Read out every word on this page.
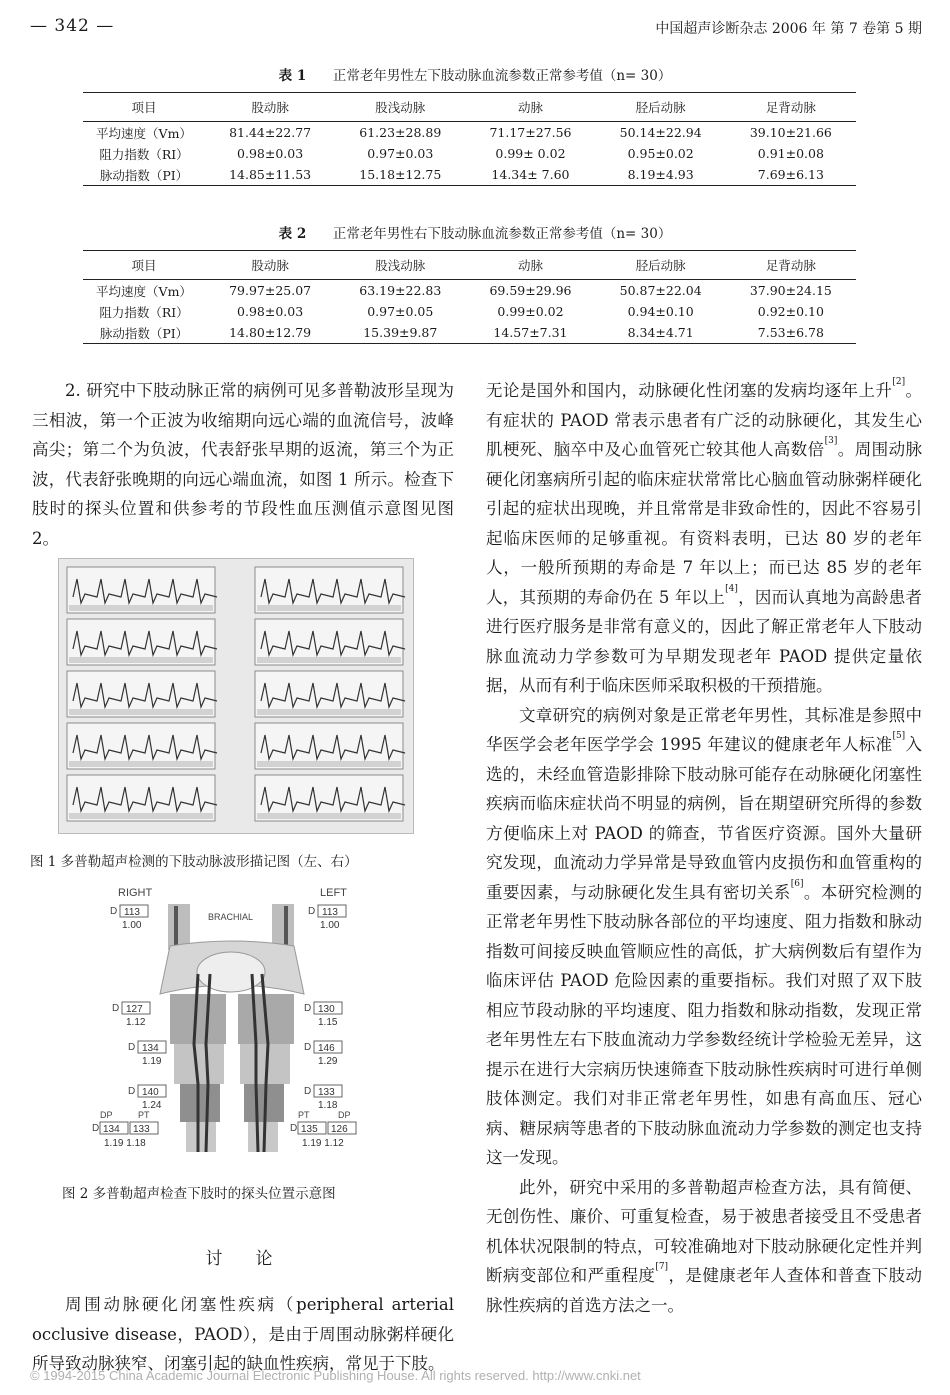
— 342 —	中国超声诊断杂志 2006 年 第 7 卷第 5 期
表 1 正常老年男性左下肢动脉血流参数正常参考值（n= 30）
项目	股动脉	股浅动脉	动脉	胫后动脉	足背动脉
平均速度（Vm）	81.44±22.77	61.23±28.89	71.17±27.56	50.14±22.94	39.10±21.66
阻力指数（RI）	0.98±0.03	0.97±0.03	0.99± 0.02	0.95±0.02	0.91±0.08
脉动指数（PI）	14.85±11.53	15.18±12.75	14.34± 7.60	8.19±4.93	7.69±6.13
表 2 正常老年男性右下肢动脉血流参数正常参考值（n= 30）
项目	股动脉	股浅动脉	动脉	胫后动脉	足背动脉
平均速度（Vm）	79.97±25.07	63.19±22.83	69.59±29.96	50.87±22.04	37.90±24.15
阻力指数（RI）	0.98±0.03	0.97±0.05	0.99±0.02	0.94±0.10	0.92±0.10
脉动指数（PI）	14.80±12.79	15.39±9.87	14.57±7.31	8.34±4.71	7.53±6.78

2. 研究中下肢动脉正常的病例可见多普勒波形呈现为三相波，第一个正波为收缩期向远心端的血流信号，波峰高尖；第二个为负波，代表舒张早期的返流，第三个为正波，代表舒张晚期的向远心端血流，如图 1 所示。检查下肢时的探头位置和供参考的节段性血压测值示意图见图 2。

图 1 多普勒超声检测的下肢动脉波形描记图（左、右）
RIGHT	LEFT
BRACHIAL
D 113
1.00
D 113
1.00
D 127
1.12
D 130
1.15
D 134
1.19
D 146
1.29
D 140
1.24
D 133
1.18
DP	PT
D 134 133
1.19 1.18
PT	DP
D 135 126
1.19 1.12
图 2 多普勒超声检查下肢时的探头位置示意图
讨　论

周围动脉硬化闭塞性疾病（peripheral arterial occlusive disease，PAOD），是由于周围动脉粥样硬化所导致动脉狭窄、闭塞引起的缺血性疾病，常见于下肢。

无论是国外和国内，动脉硬化性闭塞的发病均逐年上升[2]。有症状的 PAOD 常表示患者有广泛的动脉硬化，其发生心肌梗死、脑卒中及心血管死亡较其他人高数倍[3]。周围动脉硬化闭塞病所引起的临床症状常常比心脑血管动脉粥样硬化引起的症状出现晚，并且常常是非致命性的，因此不容易引起临床医师的足够重视。有资料表明，已达 80 岁的老年人，一般所预期的寿命是 7 年以上；而已达 85 岁的老年人，其预期的寿命仍在 5 年以上[4]，因而认真地为高龄患者进行医疗服务是非常有意义的，因此了解正常老年人下肢动脉血流动力学参数可为早期发现老年 PAOD 提供定量依据，从而有利于临床医师采取积极的干预措施。

文章研究的病例对象是正常老年男性，其标准是参照中华医学会老年医学学会 1995 年建议的健康老年人标准[5]入选的，未经血管造影排除下肢动脉可能存在动脉硬化闭塞性疾病而临床症状尚不明显的病例，旨在期望研究所得的参数方便临床上对 PAOD 的筛查，节省医疗资源。国外大量研究发现，血流动力学异常是导致血管内皮损伤和血管重构的重要因素，与动脉硬化发生具有密切关系[6]。本研究检测的正常老年男性下肢动脉各部位的平均速度、阻力指数和脉动指数可间接反映血管顺应性的高低，扩大病例数后有望作为临床评估 PAOD 危险因素的重要指标。我们对照了双下肢相应节段动脉的平均速度、阻力指数和脉动指数，发现正常老年男性左右下肢血流动力学参数经统计学检验无差异，这提示在进行大宗病历快速筛查下肢动脉性疾病时可进行单侧肢体测定。我们对非正常老年男性，如患有高血压、冠心病、糖尿病等患者的下肢动脉血流动力学参数的测定也支持这一发现。

此外，研究中采用的多普勒超声检查方法，具有简便、无创伤性、廉价、可重复检查，易于被患者接受且不受患者机体状况限制的特点，可较准确地对下肢动脉硬化定性并判断病变部位和严重程度[7]，是健康老年人查体和普查下肢动脉性疾病的首选方法之一。

© 1994-2015 China Academic Journal Electronic Publishing House. All rights reserved. http://www.cnki.net
